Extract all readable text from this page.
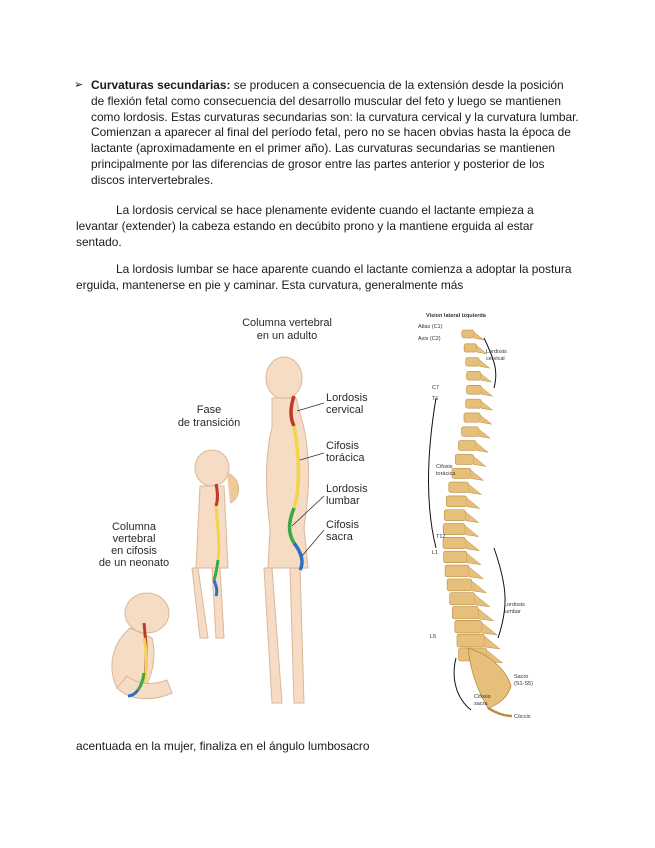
➢ Curvaturas secundarias: se producen a consecuencia de la extensión desde la posición de flexión fetal como consecuencia del desarrollo muscular del feto y luego se mantienen como lordosis. Estas curvaturas secundarias son: la curvatura cervical y la curvatura lumbar. Comienzan a aparecer al final del período fetal, pero no se hacen obvias hasta la época de lactante (aproximadamente en el primer año). Las curvaturas secundarias se mantienen principalmente por las diferencias de grosor entre las partes anterior y posterior de los discos intervertebrales.
La lordosis cervical se hace plenamente evidente cuando el lactante empieza a levantar (extender) la cabeza estando en decúbito prono y la mantiene erguida al estar sentado.
La lordosis lumbar se hace aparente cuando el lactante comienza a adoptar la postura erguida, mantenerse en pie y caminar. Esta curvatura, generalmente más
Columna vertebral
en un adulto
Fase
de transición
Columna
vertebral
en cifosis
de un neonato
Lordosis
cervical
Cifosis
torácica
Lordosis
lumbar
Cifosis
sacra
Vision lateral izquierda
Atlas (C1)
Axis (C2)
C7
T1
T12
L1
L5
Lordosis
cervical
Cifosis
torácica
Lordosis
lumbar
Sacro
(S1-S5)
Cifosis
sacra
Cóccix
acentuada en la mujer, finaliza en el ángulo lumbosacro
